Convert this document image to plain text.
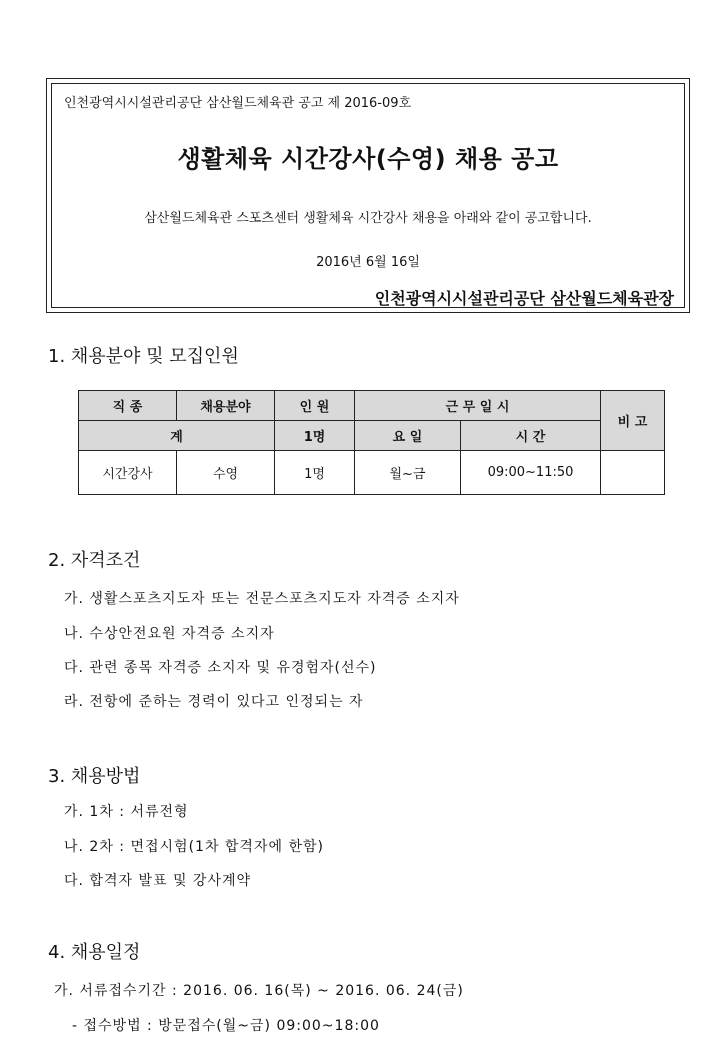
인천광역시시설관리공단 삼산월드체육관 공고 제 2016-09호
생활체육 시간강사(수영) 채용 공고
삼산월드체육관 스포츠센터 생활체육 시간강사 채용을 아래와 같이 공고합니다.
2016년 6월 16일
인천광역시시설관리공단 삼산월드체육관장
1. 채용분야 및 모집인원
직 종	채용분야	인 원	근 무 일 시		비 고
계		1명	요 일	시 간	
시간강사	수영	1명	월~금	09:00~11:50	
2. 자격조건
가. 생활스포츠지도자 또는 전문스포츠지도자 자격증 소지자
나. 수상안전요원 자격증 소지자
다. 관련 종목 자격증 소지자 및 유경험자(선수)
라. 전항에 준하는 경력이 있다고 인정되는 자
3. 채용방법
가. 1차 : 서류전형
나. 2차 : 면접시험(1차 합격자에 한함)
다. 합격자 발표 및 강사계약
4. 채용일정
가. 서류접수기간 : 2016. 06. 16(목) ~ 2016. 06. 24(금)
- 접수방법 : 방문접수(월~금) 09:00~18:00
